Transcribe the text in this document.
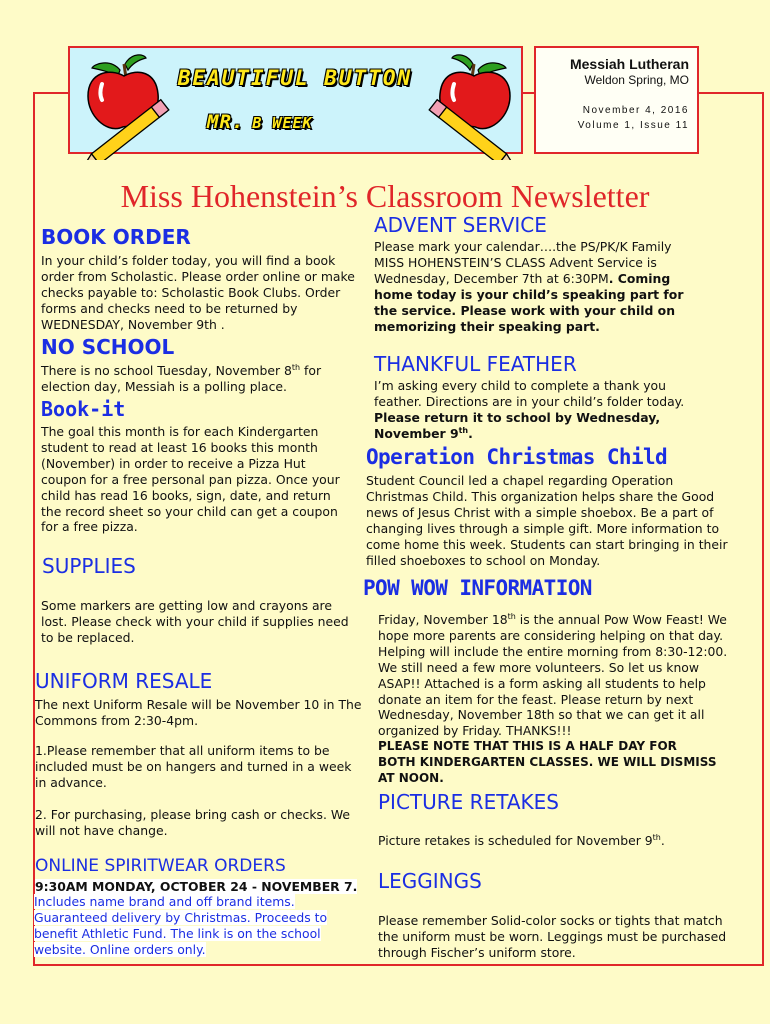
BEAUTIFUL BUTTON
MR. B WEEK
Messiah Lutheran
Weldon Spring, MO
November 4, 2016
Volume 1, Issue 11
Miss Hohenstein’s Classroom Newsletter
BOOK ORDER
In your child’s folder today, you will find a book order from Scholastic. Please order online or make checks payable to: Scholastic Book Clubs. Order forms and checks need to be returned by WEDNESDAY, November 9th .
NO SCHOOL
There is no school Tuesday, November 8th for election day, Messiah is a polling place.
Book-it
The goal this month is for each Kindergarten student to read at least 16 books this month (November) in order to receive a Pizza Hut coupon for a free personal pan pizza. Once your child has read 16 books, sign, date, and return the record sheet so your child can get a coupon for a free pizza.
SUPPLIES
Some markers are getting low and crayons are lost. Please check with your child if supplies need to be replaced.
UNIFORM RESALE
The next Uniform Resale will be November 10 in The Commons from 2:30-4pm.
1.Please remember that all uniform items to be included must be on hangers and turned in a week in advance.
2. For purchasing, please bring cash or checks. We will not have change.
ONLINE SPIRITWEAR ORDERS
9:30AM MONDAY, OCTOBER 24 - NOVEMBER 7.
Includes name brand and off brand items. Guaranteed delivery by Christmas. Proceeds to benefit Athletic Fund. The link is on the school website. Online orders only.
ADVENT SERVICE
Please mark your calendar….the PS/PK/K Family MISS HOHENSTEIN’S CLASS Advent Service is Wednesday, December 7th at 6:30PM. Coming home today is your child’s speaking part for the service. Please work with your child on memorizing their speaking part.
THANKFUL FEATHER
I’m asking every child to complete a thank you feather. Directions are in your child’s folder today. Please return it to school by Wednesday, November 9th.
Operation Christmas Child
Student Council led a chapel regarding Operation Christmas Child. This organization helps share the Good news of Jesus Christ with a simple shoebox. Be a part of changing lives through a simple gift. More information to come home this week. Students can start bringing in their filled shoeboxes to school on Monday.
POW WOW INFORMATION
Friday, November 18th is the annual Pow Wow Feast! We hope more parents are considering helping on that day. Helping will include the entire morning from 8:30-12:00. We still need a few more volunteers. So let us know ASAP!! Attached is a form asking all students to help donate an item for the feast. Please return by next Wednesday, November 18th so that we can get it all organized by Friday. THANKS!!!
PLEASE NOTE THAT THIS IS A HALF DAY FOR BOTH KINDERGARTEN CLASSES. WE WILL DISMISS AT NOON.
PICTURE RETAKES
Picture retakes is scheduled for November 9th.
LEGGINGS
Please remember Solid-color socks or tights that match the uniform must be worn. Leggings must be purchased through Fischer’s uniform store.
